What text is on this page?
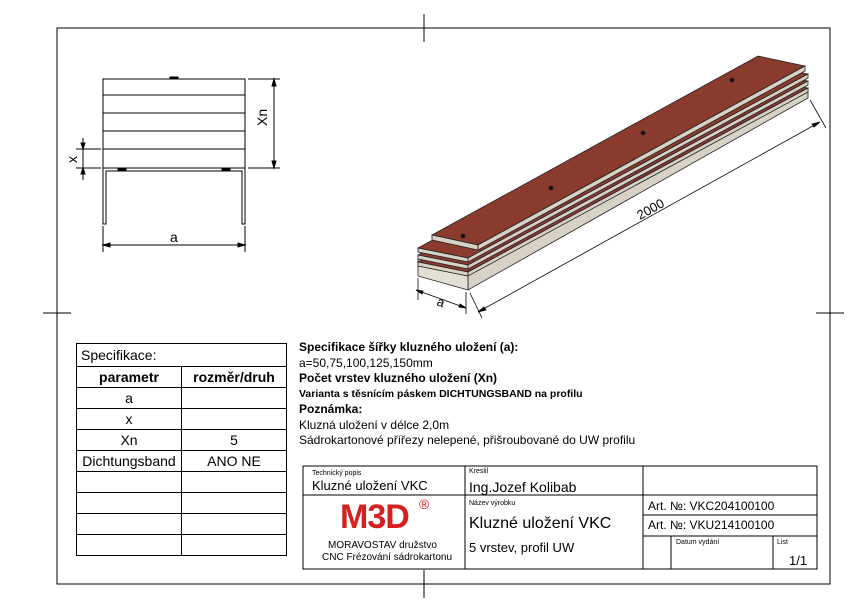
Xn
x
a
2000
a
Specifikace šířky kluzného uložení (a):
a=50,75,100,125,150mm
Počet vrstev kluzného uložení (Xn)
Varianta s těsnícím páskem DICHTUNGSBAND na profilu
Poznámka:
Kluzná uložení v délce 2,0m
Sádrokartonové přířezy nelepené, přišroubované do UW profilu
Specifikace:	
parametr	rozměr/druh
a	
x	
Xn	5
Dichtungsband	ANO NE

Technický popis
Kluzné uložení VKC
Kreslil
Ing.Jozef Kolibab
Art. №: VKC204100100
Art. №: VKU214100100
Název výrobku
Kluzné uložení VKC
5 vrstev, profil UW	Datum vydání	List
1/1
M3D ®
MORAVOSTAV družstvo
CNC Frézování sádrokartonu
